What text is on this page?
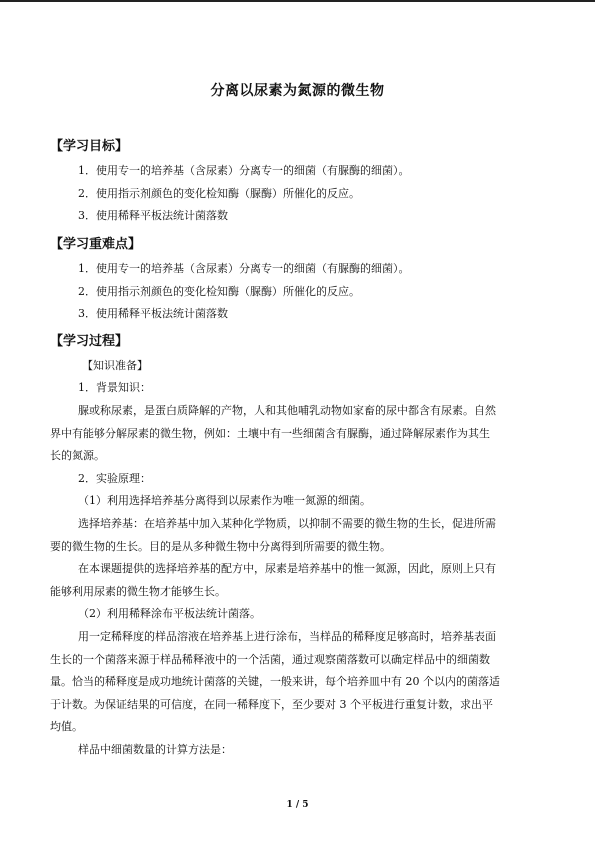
分离以尿素为氮源的微生物
【学习目标】
1．使用专一的培养基（含尿素）分离专一的细菌（有脲酶的细菌）。
2．使用指示剂颜色的变化检知酶（脲酶）所催化的反应。
3．使用稀释平板法统计菌落数
【学习重难点】
1．使用专一的培养基（含尿素）分离专一的细菌（有脲酶的细菌）。
2．使用指示剂颜色的变化检知酶（脲酶）所催化的反应。
3．使用稀释平板法统计菌落数
【学习过程】
【知识准备】
1．背景知识：
脲或称尿素，是蛋白质降解的产物，人和其他哺乳动物如家畜的尿中都含有尿素。自然
界中有能够分解尿素的微生物，例如：土壤中有一些细菌含有脲酶，通过降解尿素作为其生
长的氮源。
2．实验原理：
（1）利用选择培养基分离得到以尿素作为唯一氮源的细菌。
选择培养基：在培养基中加入某种化学物质，以抑制不需要的微生物的生长，促进所需
要的微生物的生长。目的是从多种微生物中分离得到所需要的微生物。
在本课题提供的选择培养基的配方中，尿素是培养基中的惟一氮源，因此，原则上只有
能够利用尿素的微生物才能够生长。
（2）利用稀释涂布平板法统计菌落。
用一定稀释度的样品溶液在培养基上进行涂布，当样品的稀释度足够高时，培养基表面
生长的一个菌落来源于样品稀释液中的一个活菌，通过观察菌落数可以确定样品中的细菌数
量。恰当的稀释度是成功地统计菌落的关键，一般来讲，每个培养皿中有 20 个以内的菌落适
于计数。为保证结果的可信度，在同一稀释度下，至少要对 3 个平板进行重复计数，求出平
均值。
样品中细菌数量的计算方法是：
1 / 5
